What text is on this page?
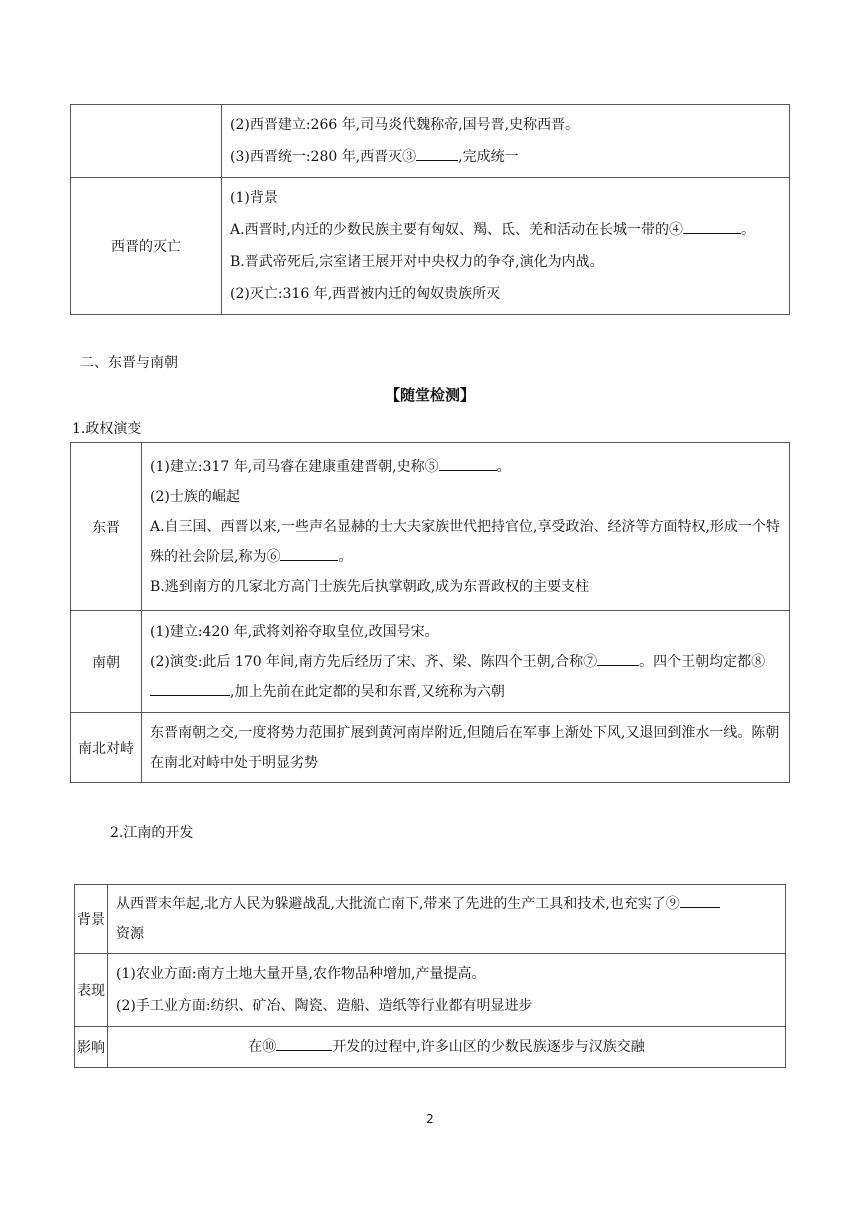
	(2)西晋建立:266 年,司马炎代魏称帝,国号晋,史称西晋。

(3)西晋统一:280 年,西晋灭③ ,完成统一

西晋的灭亡	(1)背景

A.西晋时,内迁的少数民族主要有匈奴、羯、氐、羌和活动在长城一带的④ 。

B.晋武帝死后,宗室诸王展开对中央权力的争夺,演化为内战。

(2)灭亡:316 年,西晋被内迁的匈奴贵族所灭

二、东晋与南朝

【随堂检测】

1.政权演变

东晋	(1)建立:317 年,司马睿在建康重建晋朝,史称⑤ 。

(2)士族的崛起

A.自三国、西晋以来,一些声名显赫的士大夫家族世代把持官位,享受政治、经济等方面特权,形成一个特殊的社会阶层,称为⑥ 。

B.逃到南方的几家北方高门士族先后执掌朝政,成为东晋政权的主要支柱

南朝	(1)建立:420 年,武将刘裕夺取皇位,改国号宋。

(2)演变:此后 170 年间,南方先后经历了宋、齐、梁、陈四个王朝,合称⑦ 。四个王朝均定都⑧,加上先前在此定都的吴和东晋,又统称为六朝

南北对峙	东晋南朝之交,一度将势力范围扩展到黄河南岸附近,但随后在军事上渐处下风,又退回到淮水一线。陈朝在南北对峙中处于明显劣势

2.江南的开发

背景	从西晋末年起,北方人民为躲避战乱,大批流亡南下,带来了先进的生产工具和技术,也充实了⑨

资源

表现	(1)农业方面:南方土地大量开垦,农作物品种增加,产量提高。

(2)手工业方面:纺织、矿冶、陶瓷、造船、造纸等行业都有明显进步

影响	在⑩ 开发的过程中,许多山区的少数民族逐步与汉族交融

2
